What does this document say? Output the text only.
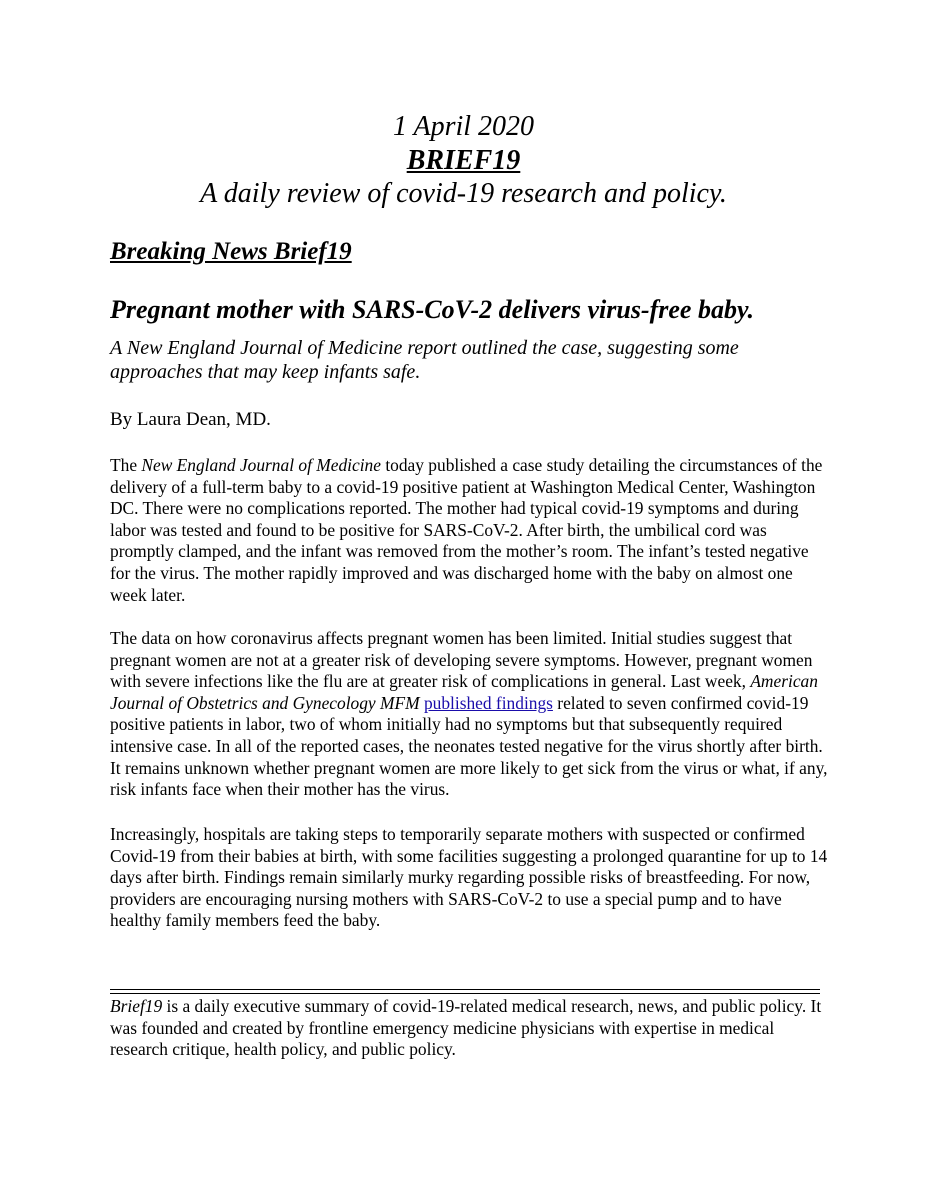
1 April 2020
BRIEF19
A daily review of covid-19 research and policy.
Breaking News Brief19
Pregnant mother with SARS-CoV-2 delivers virus-free baby.
A New England Journal of Medicine report outlined the case, suggesting some approaches that may keep infants safe.
By Laura Dean, MD.
The New England Journal of Medicine today published a case study detailing the circumstances of the delivery of a full-term baby to a covid-19 positive patient at Washington Medical Center, Washington DC. There were no complications reported. The mother had typical covid-19 symptoms and during labor was tested and found to be positive for SARS-CoV-2. After birth, the umbilical cord was promptly clamped, and the infant was removed from the mother’s room. The infant’s tested negative for the virus. The mother rapidly improved and was discharged home with the baby on almost one week later.
The data on how coronavirus affects pregnant women has been limited. Initial studies suggest that pregnant women are not at a greater risk of developing severe symptoms. However, pregnant women with severe infections like the flu are at greater risk of complications in general. Last week, American Journal of Obstetrics and Gynecology MFM published findings related to seven confirmed covid-19 positive patients in labor, two of whom initially had no symptoms but that subsequently required intensive case. In all of the reported cases, the neonates tested negative for the virus shortly after birth. It remains unknown whether pregnant women are more likely to get sick from the virus or what, if any, risk infants face when their mother has the virus.
Increasingly, hospitals are taking steps to temporarily separate mothers with suspected or confirmed Covid-19 from their babies at birth, with some facilities suggesting a prolonged quarantine for up to 14 days after birth. Findings remain similarly murky regarding possible risks of breastfeeding. For now, providers are encouraging nursing mothers with SARS-CoV-2 to use a special pump and to have healthy family members feed the baby.
Brief19 is a daily executive summary of covid-19-related medical research, news, and public policy. It was founded and created by frontline emergency medicine physicians with expertise in medical research critique, health policy, and public policy.
